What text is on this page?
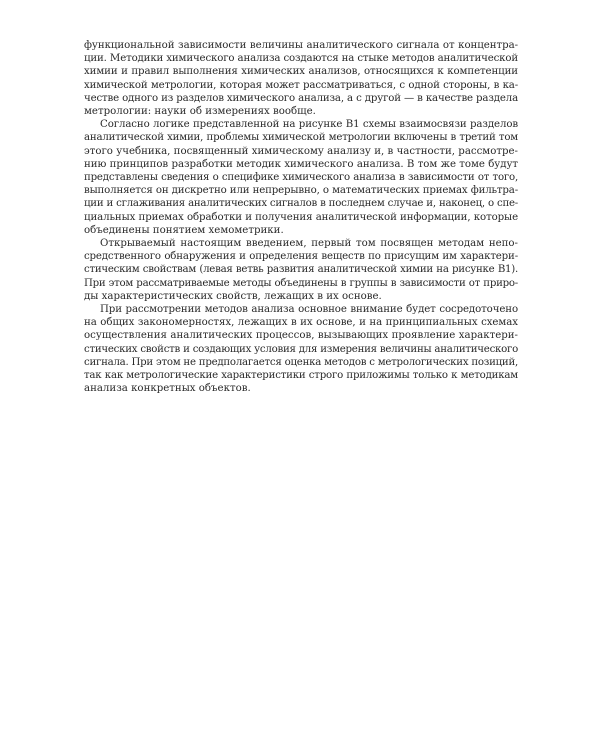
функциональной зависимости величины аналитического сигнала от концентра-
ции. Методики химического анализа создаются на стыке методов аналитической
химии и правил выполнения химических анализов, относящихся к компетенции
химической метрологии, которая может рассматриваться, с одной стороны, в ка-
честве одного из разделов химического анализа, а с другой — в качестве раздела
метрологии: науки об измерениях вообще.

Согласно логике представленной на рисунке В1 схемы взаимосвязи разделов
аналитической химии, проблемы химической метрологии включены в третий том
этого учебника, посвященный химическому анализу и, в частности, рассмотре-
нию принципов разработки методик химического анализа. В том же томе будут
представлены сведения о специфике химического анализа в зависимости от того,
выполняется он дискретно или непрерывно, о математических приемах фильтра-
ции и сглаживания аналитических сигналов в последнем случае и, наконец, о спе-
циальных приемах обработки и получения аналитической информации, которые
объединены понятием хемометрики.

Открываемый настоящим введением, первый том посвящен методам непо-
средственного обнаружения и определения веществ по присущим им характери-
стическим свойствам (левая ветвь развития аналитической химии на рисунке В1).
При этом рассматриваемые методы объединены в группы в зависимости от приро-
ды характеристических свойств, лежащих в их основе.

При рассмотрении методов анализа основное внимание будет сосредоточено
на общих закономерностях, лежащих в их основе, и на принципиальных схемах
осуществления аналитических процессов, вызывающих проявление характери-
стических свойств и создающих условия для измерения величины аналитического
сигнала. При этом не предполагается оценка методов с метрологических позиций,
так как метрологические характеристики строго приложимы только к методикам
анализа конкретных объектов.
